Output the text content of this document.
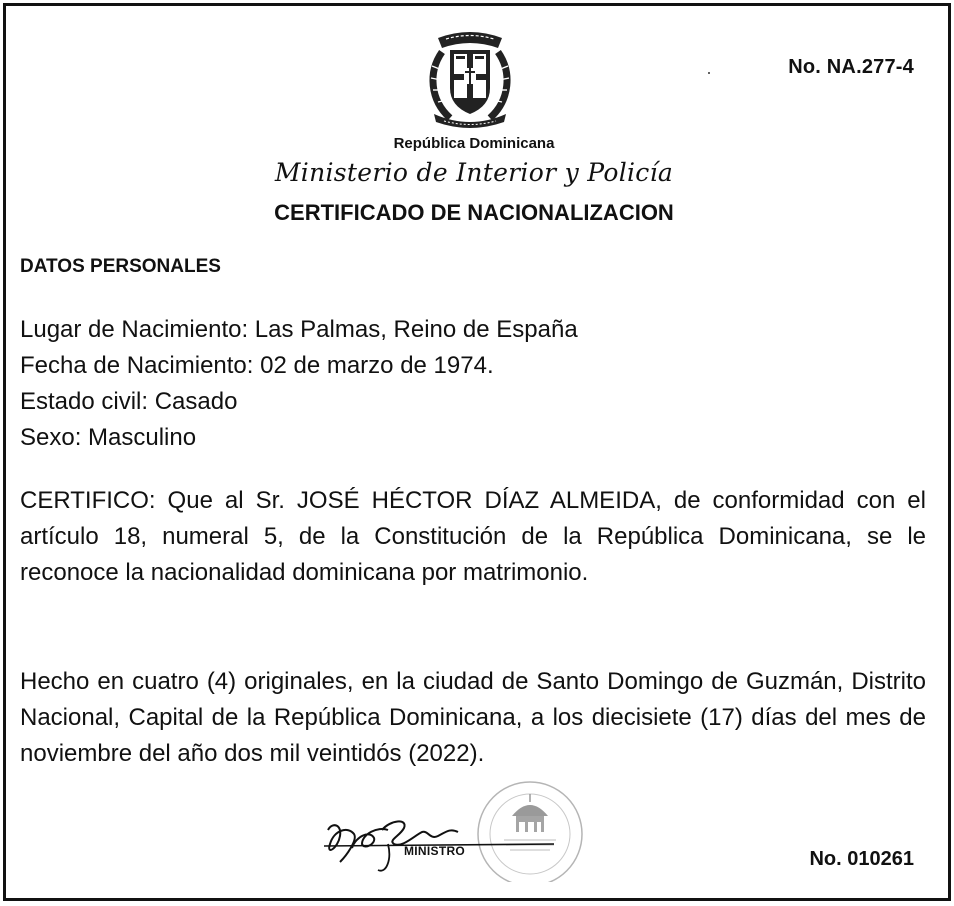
No. NA.277-4
República Dominicana
Ministerio de Interior y Policía
CERTIFICADO DE NACIONALIZACION
DATOS PERSONALES
Lugar de Nacimiento: Las Palmas, Reino de España
Fecha de Nacimiento: 02 de marzo de 1974.
Estado civil: Casado
Sexo: Masculino
CERTIFICO: Que al Sr. JOSÉ HÉCTOR DÍAZ ALMEIDA, de conformidad con el artículo 18, numeral 5, de la Constitución de la República Dominicana, se le reconoce la nacionalidad dominicana por matrimonio.
Hecho en cuatro (4) originales, en la ciudad de Santo Domingo de Guzmán, Distrito Nacional, Capital de la República Dominicana, a los diecisiete (17) días del mes de noviembre del año dos mil veintidós (2022).
MINISTRO	No. 010261
